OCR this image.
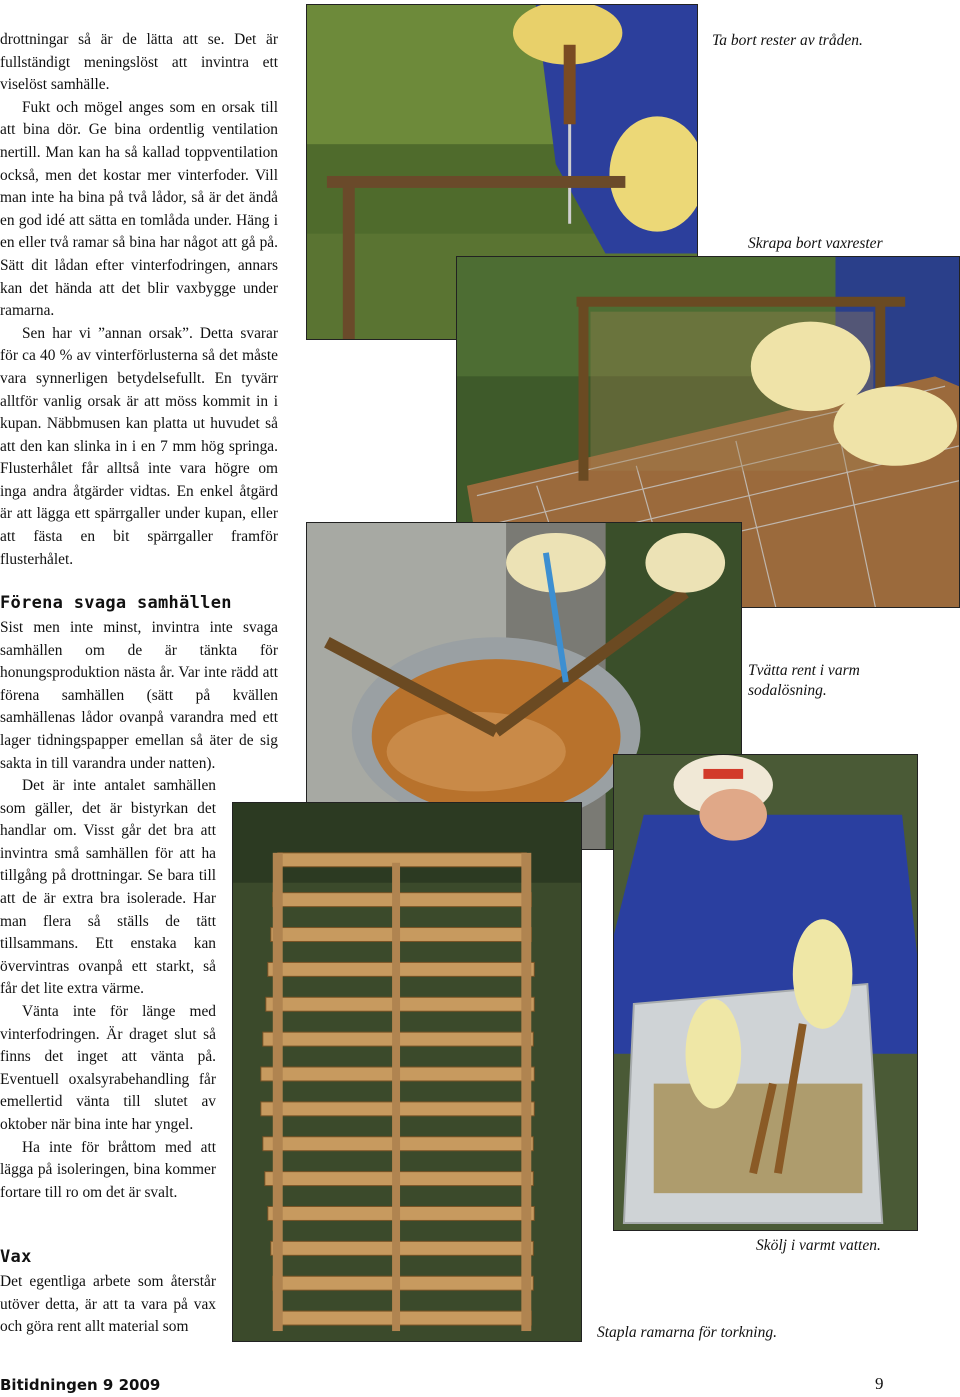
drottningar så är de lätta att se. Det är fullständigt meningslöst att invintra ett viselöst samhälle.

Fukt och mögel anges som en orsak till att bina dör. Ge bina ordentlig ventilation nertill. Man kan ha så kallad toppventilation också, men det kostar mer vinterfoder. Vill man inte ha bina på två lådor, så är det ändå en god idé att sätta en tomlåda under. Häng i en eller två ramar så bina har något att gå på. Sätt dit lådan efter vinterfodringen, annars kan det hända att det blir vaxbygge under ramarna.

Sen har vi ”annan orsak”. Detta svarar för ca 40 % av vinterförlusterna så det måste vara synnerligen betydelsefullt. En tyvärr alltför vanlig orsak är att möss kommit in i kupan. Näbbmusen kan platta ut huvudet så att den kan slinka in i en 7 mm hög springa. Flusterhålet får alltså inte vara högre om inga andra åtgärder vidtas. En enkel åtgärd är att lägga ett spärrgaller under kupan, eller att fästa en bit spärrgaller framför flusterhålet.

Förena svaga samhällen

Sist men inte minst, invintra inte svaga samhällen om de är tänkta för honungsproduktion nästa år. Var inte rädd att förena samhällen (sätt på kvällen samhällenas lådor ovanpå varandra med ett lager tidningspapper emellan så äter de sig sakta in till varandra under natten).

Det är inte antalet samhällen som gäller, det är bistyrkan det handlar om. Visst går det bra att invintra små samhällen för att ha tillgång på drottningar. Se bara till att de är extra bra isolerade. Har man flera så ställs de tätt tillsammans. Ett enstaka kan övervintras ovanpå ett starkt, så får det lite extra värme.

Vänta inte för länge med vinterfodringen. Är draget slut så finns det inget att vänta på. Eventuell oxalsyrabehandling får emellertid vänta till slutet av oktober när bina inte har yngel.

Ha inte för bråttom med att lägga på isoleringen, bina kommer fortare till ro om det är svalt.

Vax

Det egentliga arbete som återstår utöver detta, är att ta vara på vax och göra rent allt material som

Ta bort rester av tråden.
Skrapa bort vaxrester
Tvätta rent i varm
sodalösning.
Skölj i varmt vatten.
Stapla ramarna för torkning.
Bitidningen 9 2009	9
